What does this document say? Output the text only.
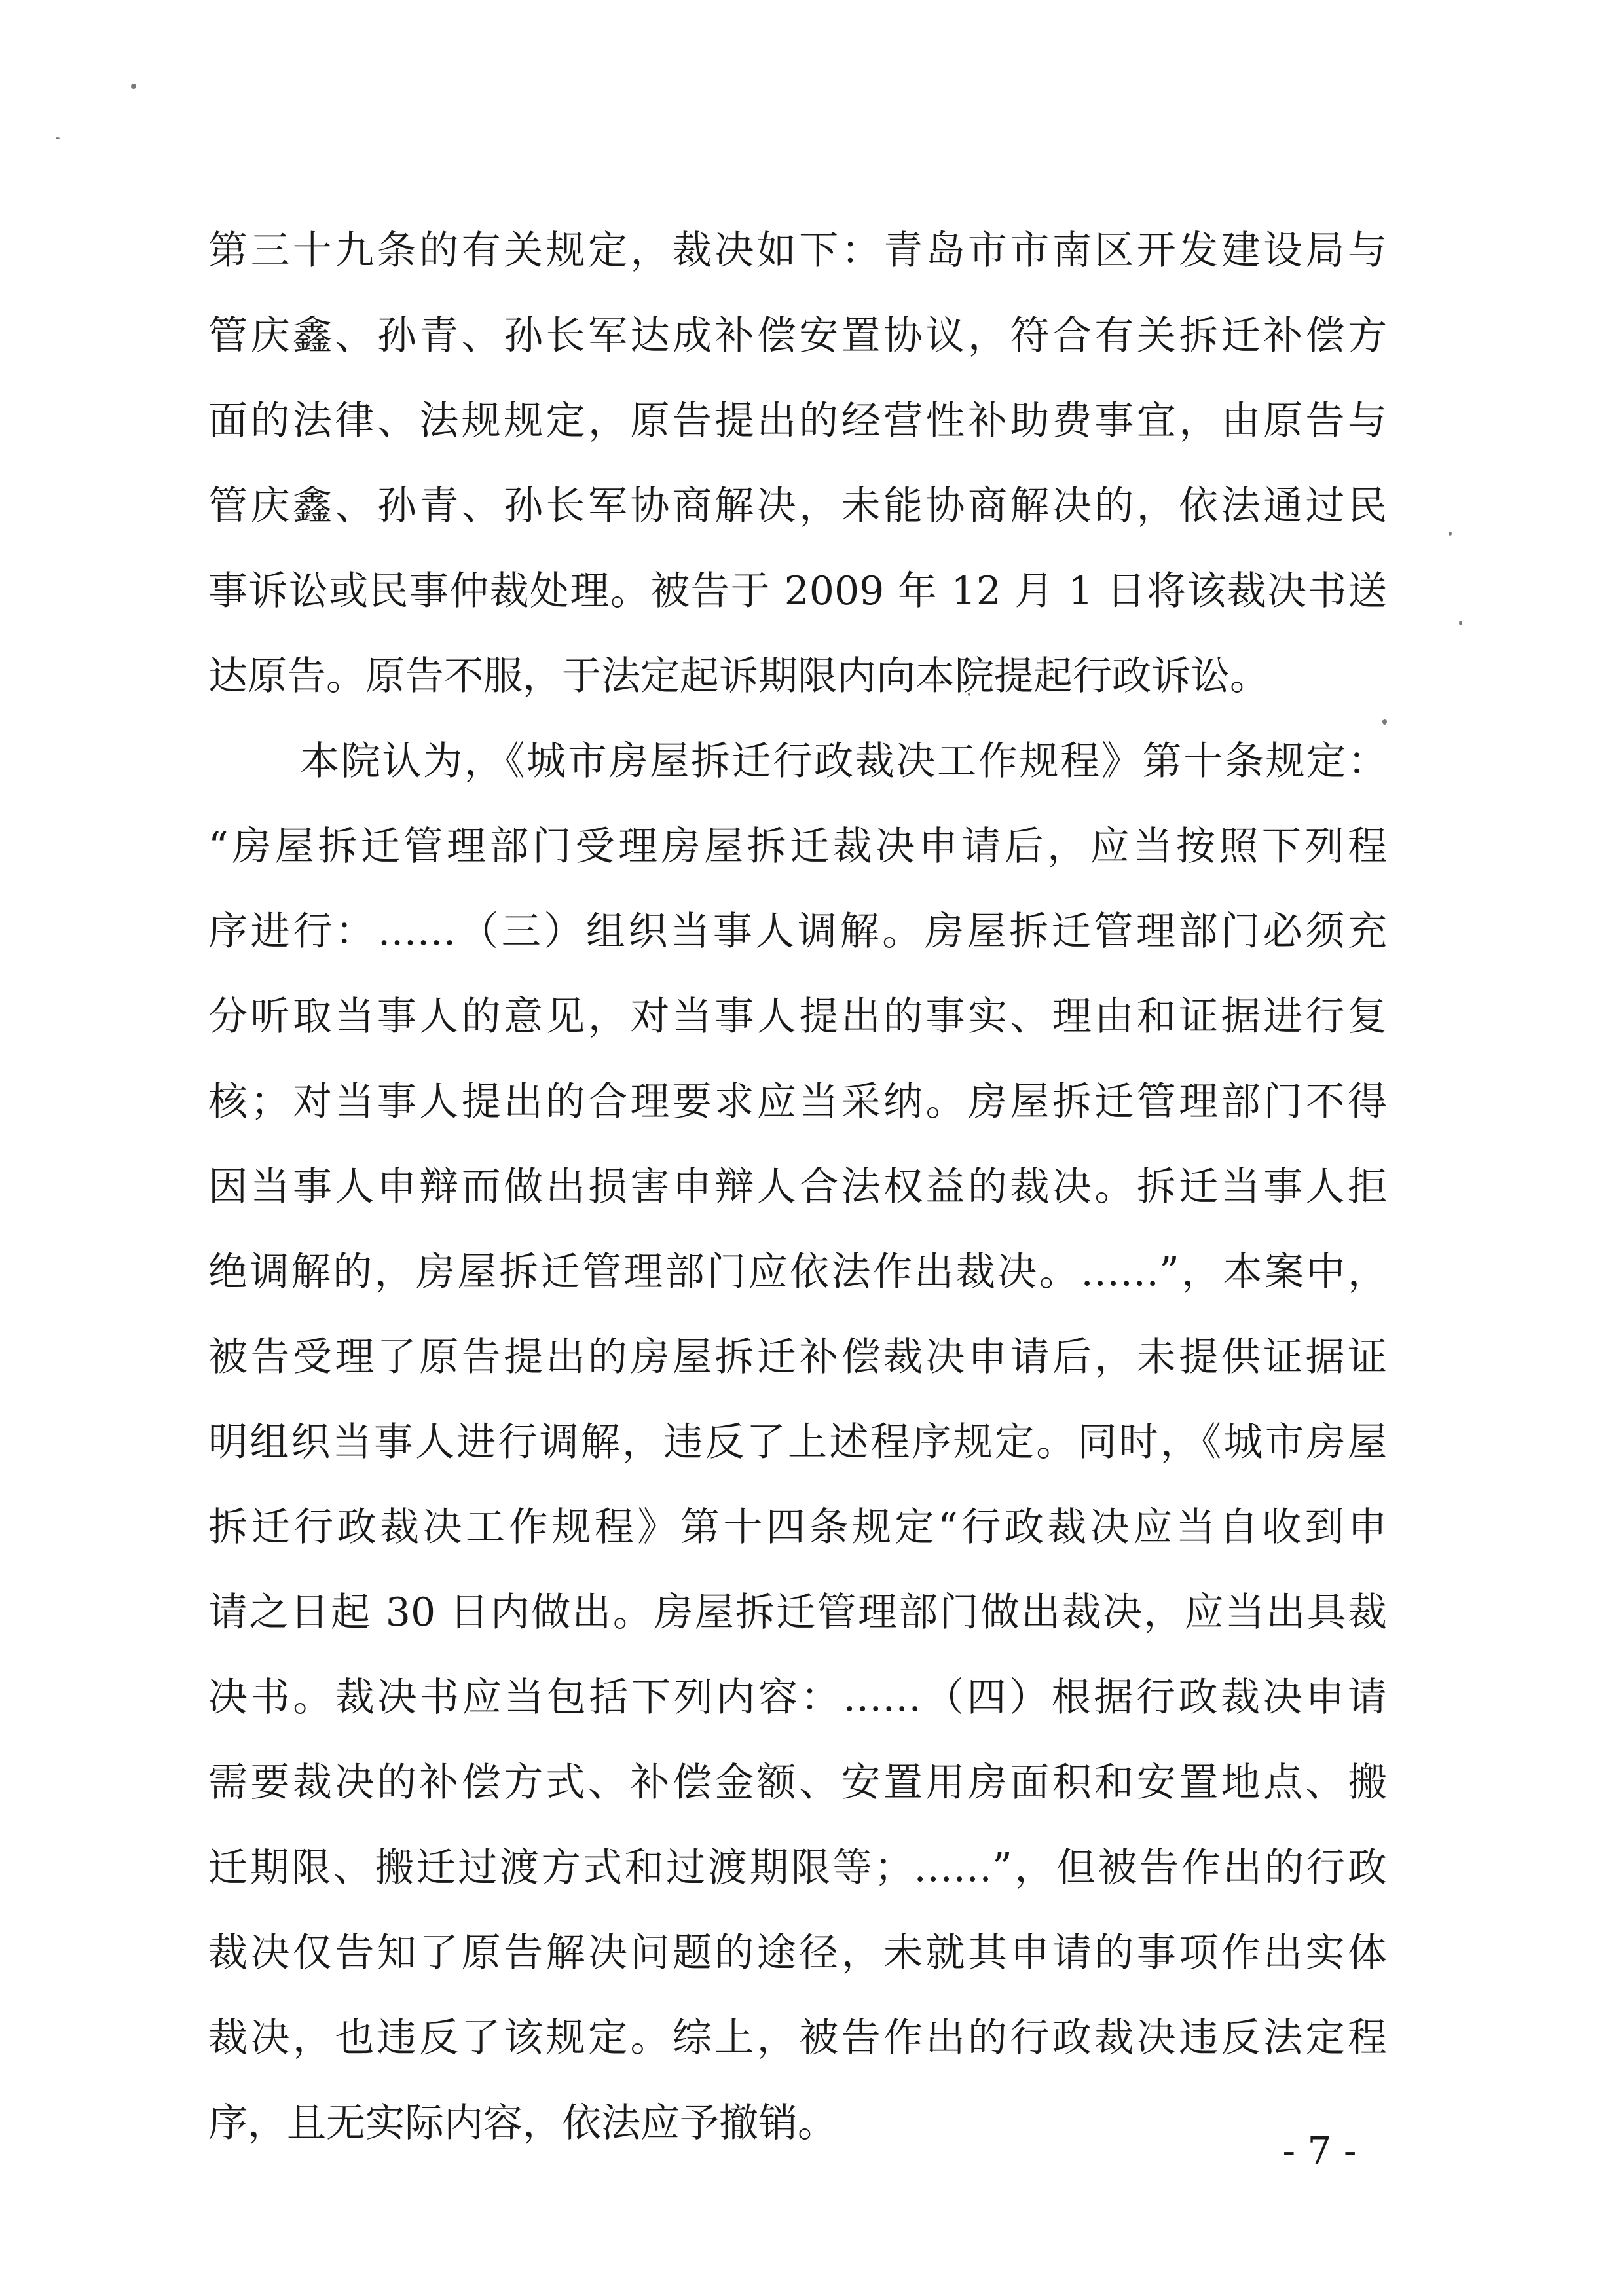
第三十九条的有关规定，裁决如下：青岛市市南区开发建设局与
管庆鑫、孙青、孙长军达成补偿安置协议，符合有关拆迁补偿方
面的法律、法规规定，原告提出的经营性补助费事宜，由原告与
管庆鑫、孙青、孙长军协商解决，未能协商解决的，依法通过民
事诉讼或民事仲裁处理。被告于 2009 年 12 月 1 日将该裁决书送
达原告。原告不服，于法定起诉期限内向本院提起行政诉讼。
本院认为，《城市房屋拆迁行政裁决工作规程》第十条规定：
“房屋拆迁管理部门受理房屋拆迁裁决申请后，应当按照下列程
序进行：……（三）组织当事人调解。房屋拆迁管理部门必须充
分听取当事人的意见，对当事人提出的事实、理由和证据进行复
核；对当事人提出的合理要求应当采纳。房屋拆迁管理部门不得
因当事人申辩而做出损害申辩人合法权益的裁决。拆迁当事人拒
绝调解的，房屋拆迁管理部门应依法作出裁决。……”，本案中，
被告受理了原告提出的房屋拆迁补偿裁决申请后，未提供证据证
明组织当事人进行调解，违反了上述程序规定。同时，《城市房屋
拆迁行政裁决工作规程》第十四条规定“行政裁决应当自收到申
请之日起 30 日内做出。房屋拆迁管理部门做出裁决，应当出具裁
决书。裁决书应当包括下列内容：……（四）根据行政裁决申请
需要裁决的补偿方式、补偿金额、安置用房面积和安置地点、搬
迁期限、搬迁过渡方式和过渡期限等；……”，但被告作出的行政
裁决仅告知了原告解决问题的途径，未就其申请的事项作出实体
裁决，也违反了该规定。综上，被告作出的行政裁决违反法定程
序，且无实际内容，依法应予撤销。
- 7 -
